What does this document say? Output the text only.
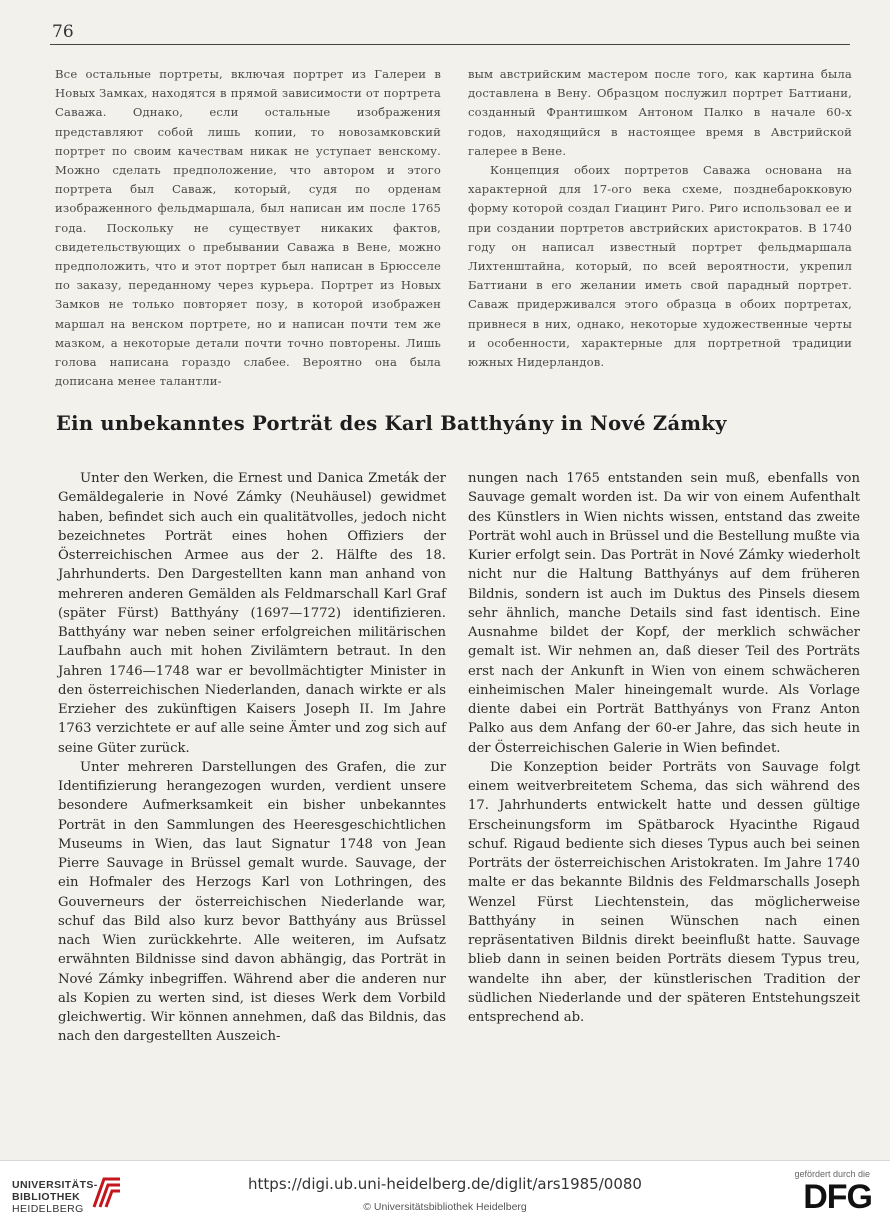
76

Все остальные портреты, включая портрет из Галереи в Новых Замках, находятся в прямой зависимости от портрета Саважа. Однако, если остальные изображения представляют собой лишь копии, то новозамковский портрет по своим качествам никак не уступает венскому. Можно сделать предположение, что автором и этого портрета был Саваж, который, судя по орденам изображенного фельдмаршала, был написан им после 1765 года. Поскольку не существует никаких фактов, свидетельствующих о пребывании Саважа в Вене, можно предположить, что и этот портрет был написан в Брюсселе по заказу, переданному через курьера. Портрет из Новых Замков не только повторяет позу, в которой изображен маршал на венском портрете, но и написан почти тем же мазком, а некоторые детали почти точно повторены. Лишь голова написана гораздо слабее. Вероятно она была дописана менее талантли-

вым австрийским мастером после того, как картина была доставлена в Вену. Образцом послужил портрет Баттиани, созданный Франтишком Антоном Палко в начале 60-х годов, находящийся в настоящее время в Австрийской галерее в Вене.

Концепция обоих портретов Саважа основана на характерной для 17-ого века схеме, позднебарокковую форму которой создал Гиацинт Риго. Риго использовал ее и при создании портретов австрийских аристократов. В 1740 году он написал известный портрет фельдмаршала Лихтенштайна, который, по всей вероятности, укрепил Баттиани в его желании иметь свой парадный портрет. Саваж придерживался этого образца в обоих портретах, привнеся в них, однако, некоторые художественные черты и особенности, характерные для портретной традиции южных Нидерландов.

Ein unbekanntes Porträt des Karl Batthyány in Nové Zámky

Unter den Werken, die Ernest und Danica Zmeták der Gemäldegalerie in Nové Zámky (Neuhäusel) gewidmet haben, befindet sich auch ein qualitätvolles, jedoch nicht bezeichnetes Porträt eines hohen Offiziers der Österreichischen Armee aus der 2. Hälfte des 18. Jahrhunderts. Den Dargestellten kann man anhand von mehreren anderen Gemälden als Feldmarschall Karl Graf (später Fürst) Batthyány (1697—1772) identifizieren. Batthyány war neben seiner erfolgreichen militärischen Laufbahn auch mit hohen Zivilämtern betraut. In den Jahren 1746—1748 war er bevollmächtigter Minister in den österreichischen Niederlanden, danach wirkte er als Erzieher des zukünftigen Kaisers Joseph II. Im Jahre 1763 verzichtete er auf alle seine Ämter und zog sich auf seine Güter zurück.

Unter mehreren Darstellungen des Grafen, die zur Identifizierung herangezogen wurden, verdient unsere besondere Aufmerksamkeit ein bisher unbekanntes Porträt in den Sammlungen des Heeresgeschichtlichen Museums in Wien, das laut Signatur 1748 von Jean Pierre Sauvage in Brüssel gemalt wurde. Sauvage, der ein Hofmaler des Herzogs Karl von Lothringen, des Gouverneurs der österreichischen Niederlande war, schuf das Bild also kurz bevor Batthyány aus Brüssel nach Wien zurückkehrte. Alle weiteren, im Aufsatz erwähnten Bildnisse sind davon abhängig, das Porträt in Nové Zámky inbegriffen. Während aber die anderen nur als Kopien zu werten sind, ist dieses Werk dem Vorbild gleichwertig. Wir können annehmen, daß das Bildnis, das nach den dargestellten Auszeich-

nungen nach 1765 entstanden sein muß, ebenfalls von Sauvage gemalt worden ist. Da wir von einem Aufenthalt des Künstlers in Wien nichts wissen, entstand das zweite Porträt wohl auch in Brüssel und die Bestellung mußte via Kurier erfolgt sein. Das Porträt in Nové Zámky wiederholt nicht nur die Haltung Batthyánys auf dem früheren Bildnis, sondern ist auch im Duktus des Pinsels diesem sehr ähnlich, manche Details sind fast identisch. Eine Ausnahme bildet der Kopf, der merklich schwächer gemalt ist. Wir nehmen an, daß dieser Teil des Porträts erst nach der Ankunft in Wien von einem schwächeren einheimischen Maler hineingemalt wurde. Als Vorlage diente dabei ein Porträt Batthyánys von Franz Anton Palko aus dem Anfang der 60-er Jahre, das sich heute in der Österreichischen Galerie in Wien befindet.

Die Konzeption beider Porträts von Sauvage folgt einem weitverbreitetem Schema, das sich während des 17. Jahrhunderts entwickelt hatte und dessen gültige Erscheinungsform im Spätbarock Hyacinthe Rigaud schuf. Rigaud bediente sich dieses Typus auch bei seinen Porträts der österreichischen Aristokraten. Im Jahre 1740 malte er das bekannte Bildnis des Feldmarschalls Joseph Wenzel Fürst Liechtenstein, das möglicherweise Batthyány in seinen Wünschen nach einen repräsentativen Bildnis direkt beeinflußt hatte. Sauvage blieb dann in seinen beiden Porträts diesem Typus treu, wandelte ihn aber, der künstlerischen Tradition der südlichen Niederlande und der späteren Entstehungszeit entsprechend ab.

UNIVERSITÄTS-
BIBLIOTHEK
HEIDELBERG
https://digi.ub.uni-heidelberg.de/diglit/ars1985/0080
© Universitätsbibliothek Heidelberg
gefördert durch die
DFG
